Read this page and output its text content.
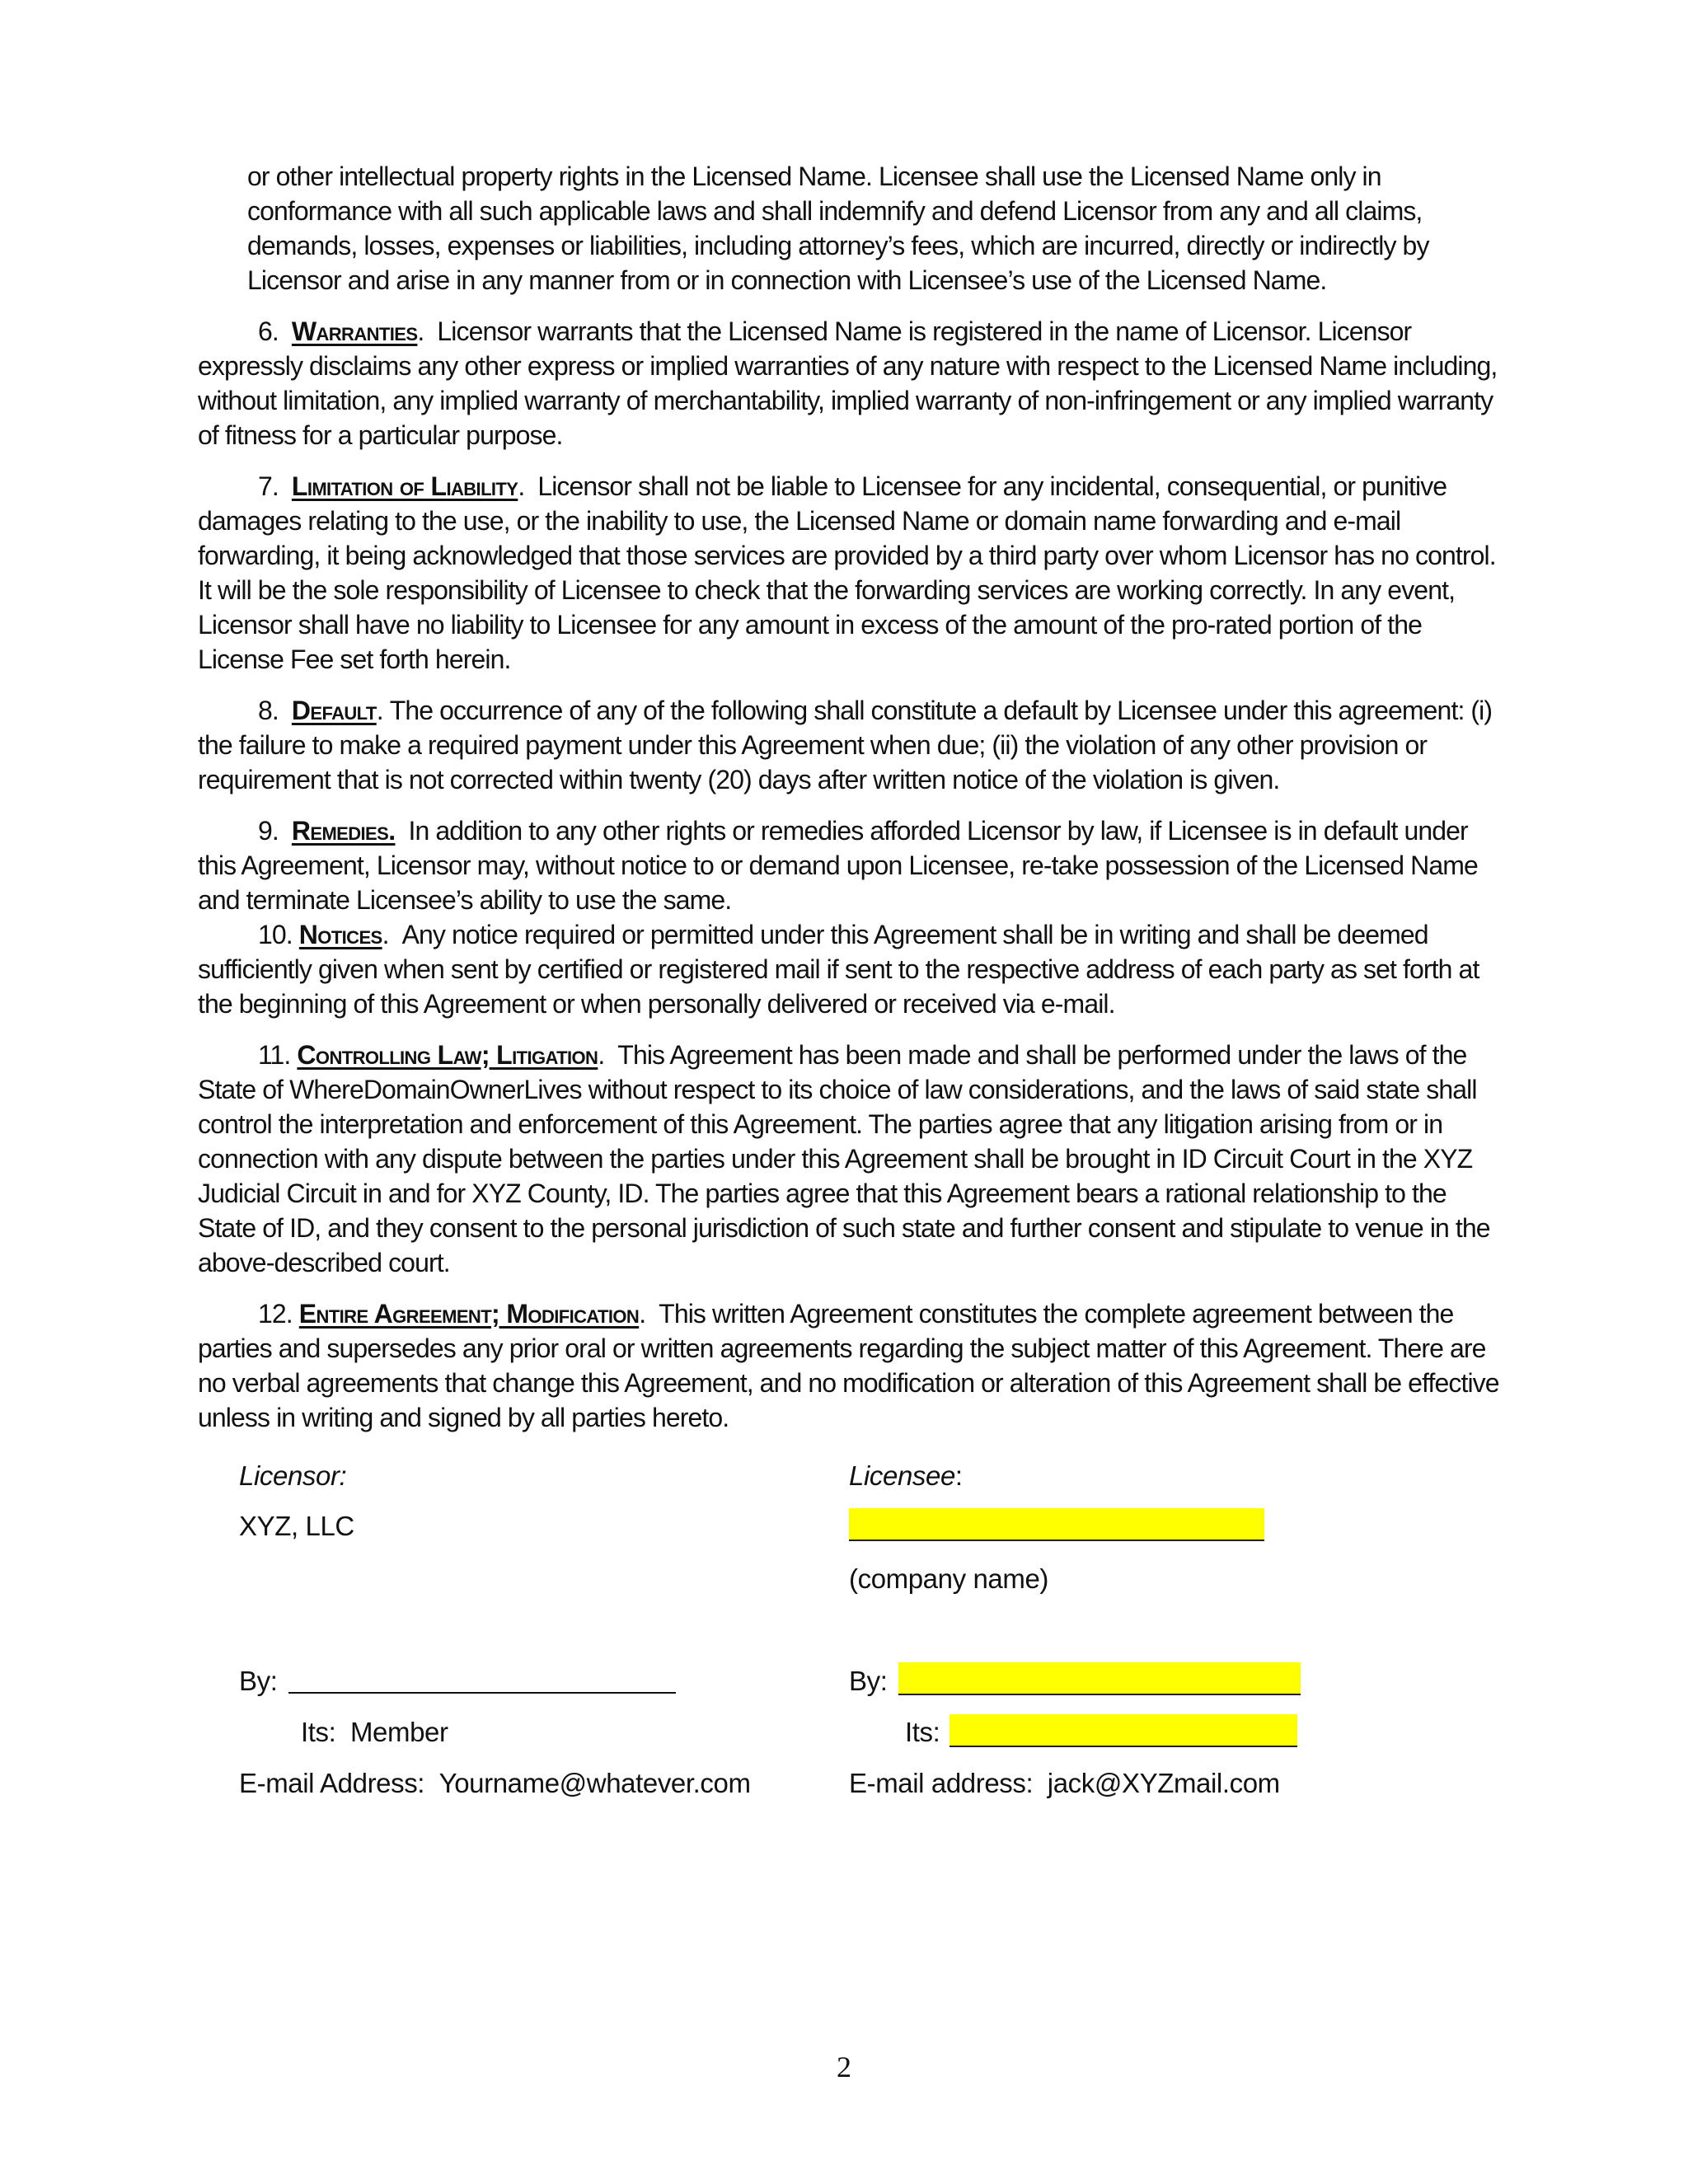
or other intellectual property rights in the Licensed Name. Licensee shall use the Licensed Name only in conformance with all such applicable laws and shall indemnify and defend Licensor from any and all claims, demands, losses, expenses or liabilities, including attorney’s fees, which are incurred, directly or indirectly by Licensor and arise in any manner from or in connection with Licensee’s use of the Licensed Name.

6. Warranties. Licensor warrants that the Licensed Name is registered in the name of Licensor. Licensor expressly disclaims any other express or implied warranties of any nature with respect to the Licensed Name including, without limitation, any implied warranty of merchantability, implied warranty of non-infringement or any implied warranty of fitness for a particular purpose.

7. Limitation of Liability. Licensor shall not be liable to Licensee for any incidental, consequential, or punitive damages relating to the use, or the inability to use, the Licensed Name or domain name forwarding and e-mail forwarding, it being acknowledged that those services are provided by a third party over whom Licensor has no control. It will be the sole responsibility of Licensee to check that the forwarding services are working correctly. In any event, Licensor shall have no liability to Licensee for any amount in excess of the amount of the pro-rated portion of the License Fee set forth herein.

8. Default. The occurrence of any of the following shall constitute a default by Licensee under this agreement: (i) the failure to make a required payment under this Agreement when due; (ii) the violation of any other provision or requirement that is not corrected within twenty (20) days after written notice of the violation is given.

9. Remedies. In addition to any other rights or remedies afforded Licensor by law, if Licensee is in default under this Agreement, Licensor may, without notice to or demand upon Licensee, re-take possession of the Licensed Name and terminate Licensee’s ability to use the same.

10. Notices. Any notice required or permitted under this Agreement shall be in writing and shall be deemed sufficiently given when sent by certified or registered mail if sent to the respective address of each party as set forth at the beginning of this Agreement or when personally delivered or received via e-mail.

11. Controlling Law; Litigation. This Agreement has been made and shall be performed under the laws of the State of WhereDomainOwnerLives without respect to its choice of law considerations, and the laws of said state shall control the interpretation and enforcement of this Agreement. The parties agree that any litigation arising from or in connection with any dispute between the parties under this Agreement shall be brought in ID Circuit Court in the XYZ Judicial Circuit in and for XYZ County, ID. The parties agree that this Agreement bears a rational relationship to the State of ID, and they consent to the personal jurisdiction of such state and further consent and stipulate to venue in the above-described court.

12. Entire Agreement; Modification. This written Agreement constitutes the complete agreement between the parties and supersedes any prior oral or written agreements regarding the subject matter of this Agreement. There are no verbal agreements that change this Agreement, and no modification or alteration of this Agreement shall be effective unless in writing and signed by all parties hereto.

Licensor:
XYZ, LLC
By:
Its: Member
E-mail Address: Yourname@whatever.com
Licensee:
(company name)
By:
Its:
E-mail address: jack@XYZmail.com
2
